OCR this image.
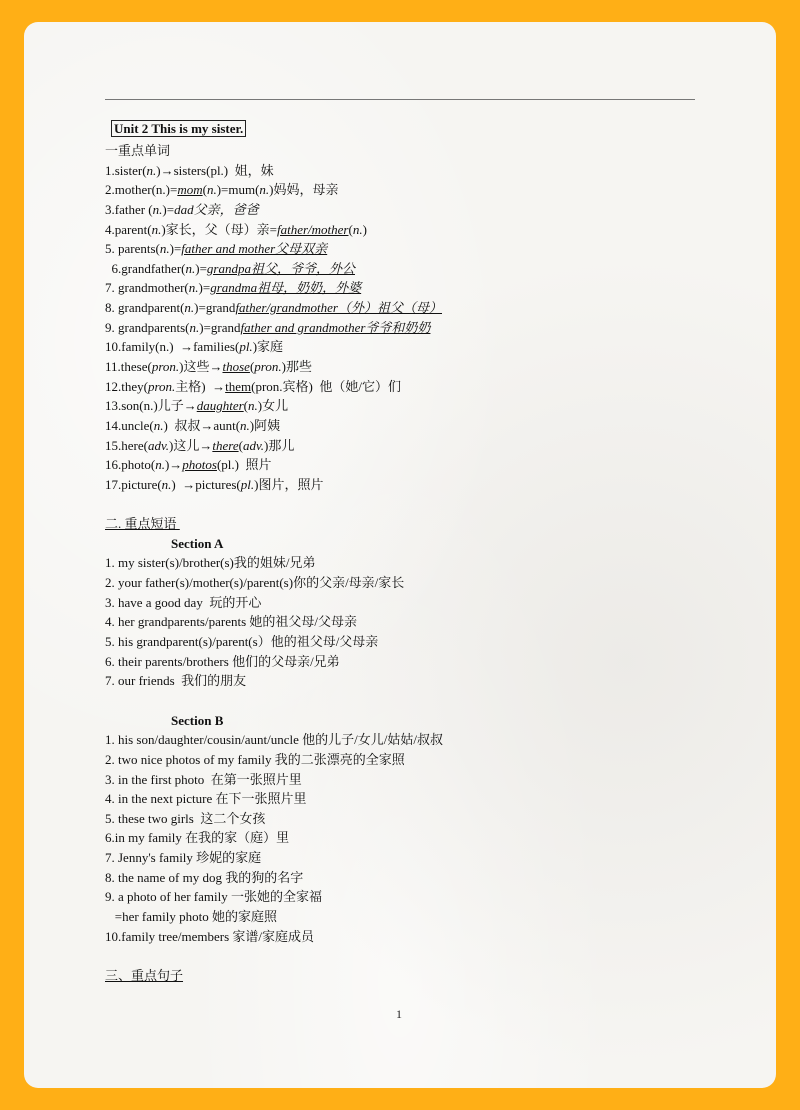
Unit 2 This is my sister.
一重点单词
1.sister(n.)→sisters(pl.)  姐，妹
2.mother(n.)=mom(n.)=mum(n.)妈妈，母亲
3.father (n.)=dad父亲，爸爸
4.parent(n.)家长，父（母）亲=father/mother(n.)
5. parents(n.)=father and mother父母双亲
6.grandfather(n.)=grandpa祖父，爷爷，外公
7. grandmother(n.)=grandma祖母，奶奶，外婆
8. grandparent(n.)=grandfather/grandmother（外）祖父（母）
9. grandparents(n.)=grandfather and grandmother爷爷和奶奶
10.family(n.)  →families(pl.)家庭
11.these(pron.)这些→those(pron.)那些
12.they(pron.主格)  →them(pron.宾格)  他（她/它）们
13.son(n.)儿子→daughter(n.)女儿
14.uncle(n.)  叔叔→aunt(n.)阿姨
15.here(adv.)这儿→there(adv.)那儿
16.photo(n.)→photos(pl.)  照片
17.picture(n.)  →pictures(pl.)图片，照片
二. 重点短语
Section A
1. my sister(s)/brother(s)我的姐妹/兄弟
2. your father(s)/mother(s)/parent(s)你的父亲/母亲/家长
3. have a good day  玩的开心
4. her grandparents/parents 她的祖父母/父母亲
5. his grandparent(s)/parent(s）他的祖父母/父母亲
6. their parents/brothers 他们的父母亲/兄弟
7. our friends  我们的朋友
Section B
1. his son/daughter/cousin/aunt/uncle 他的儿子/女儿/姑姑/叔叔
2. two nice photos of my family 我的二张漂亮的全家照
3. in the first photo  在第一张照片里
4. in the next picture 在下一张照片里
5. these two girls  这二个女孩
6.in my family 在我的家（庭）里
7. Jenny's family 珍妮的家庭
8. the name of my dog 我的狗的名字
9. a photo of her family 一张她的全家福
=her family photo 她的家庭照
10.family tree/members 家谱/家庭成员
三、重点句子
1
